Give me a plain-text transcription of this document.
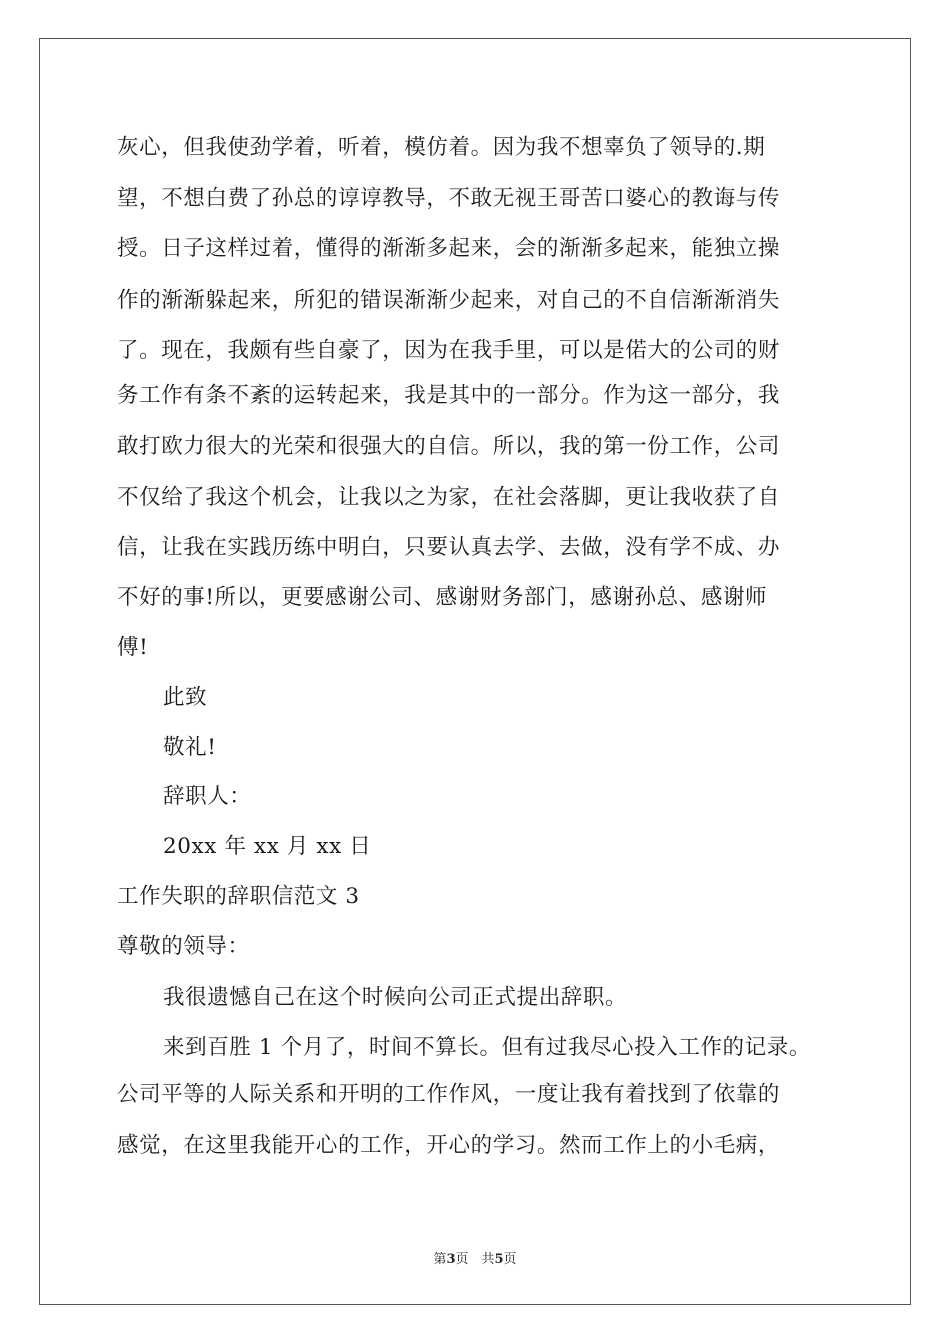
灰心，但我使劲学着，听着，模仿着。因为我不想辜负了领导的.期
望，不想白费了孙总的谆谆教导，不敢无视王哥苦口婆心的教诲与传
授。日子这样过着，懂得的渐渐多起来，会的渐渐多起来，能独立操
作的渐渐躲起来，所犯的错误渐渐少起来，对自己的不自信渐渐消失
了。现在，我颇有些自豪了，因为在我手里，可以是偌大的公司的财
务工作有条不紊的运转起来，我是其中的一部分。作为这一部分，我
敢打欧力很大的光荣和很强大的自信。所以，我的第一份工作，公司
不仅给了我这个机会，让我以之为家，在社会落脚，更让我收获了自
信，让我在实践历练中明白，只要认真去学、去做，没有学不成、办
不好的事!所以，更要感谢公司、感谢财务部门，感谢孙总、感谢师
傅!
此致
敬礼!
辞职人：
20xx 年 xx 月 xx 日
工作失职的辞职信范文 3
尊敬的领导：
我很遗憾自己在这个时候向公司正式提出辞职。
来到百胜 1 个月了，时间不算长。但有过我尽心投入工作的记录。
公司平等的人际关系和开明的工作作风，一度让我有着找到了依靠的
感觉，在这里我能开心的工作，开心的学习。然而工作上的小毛病，
第3页　共5页
